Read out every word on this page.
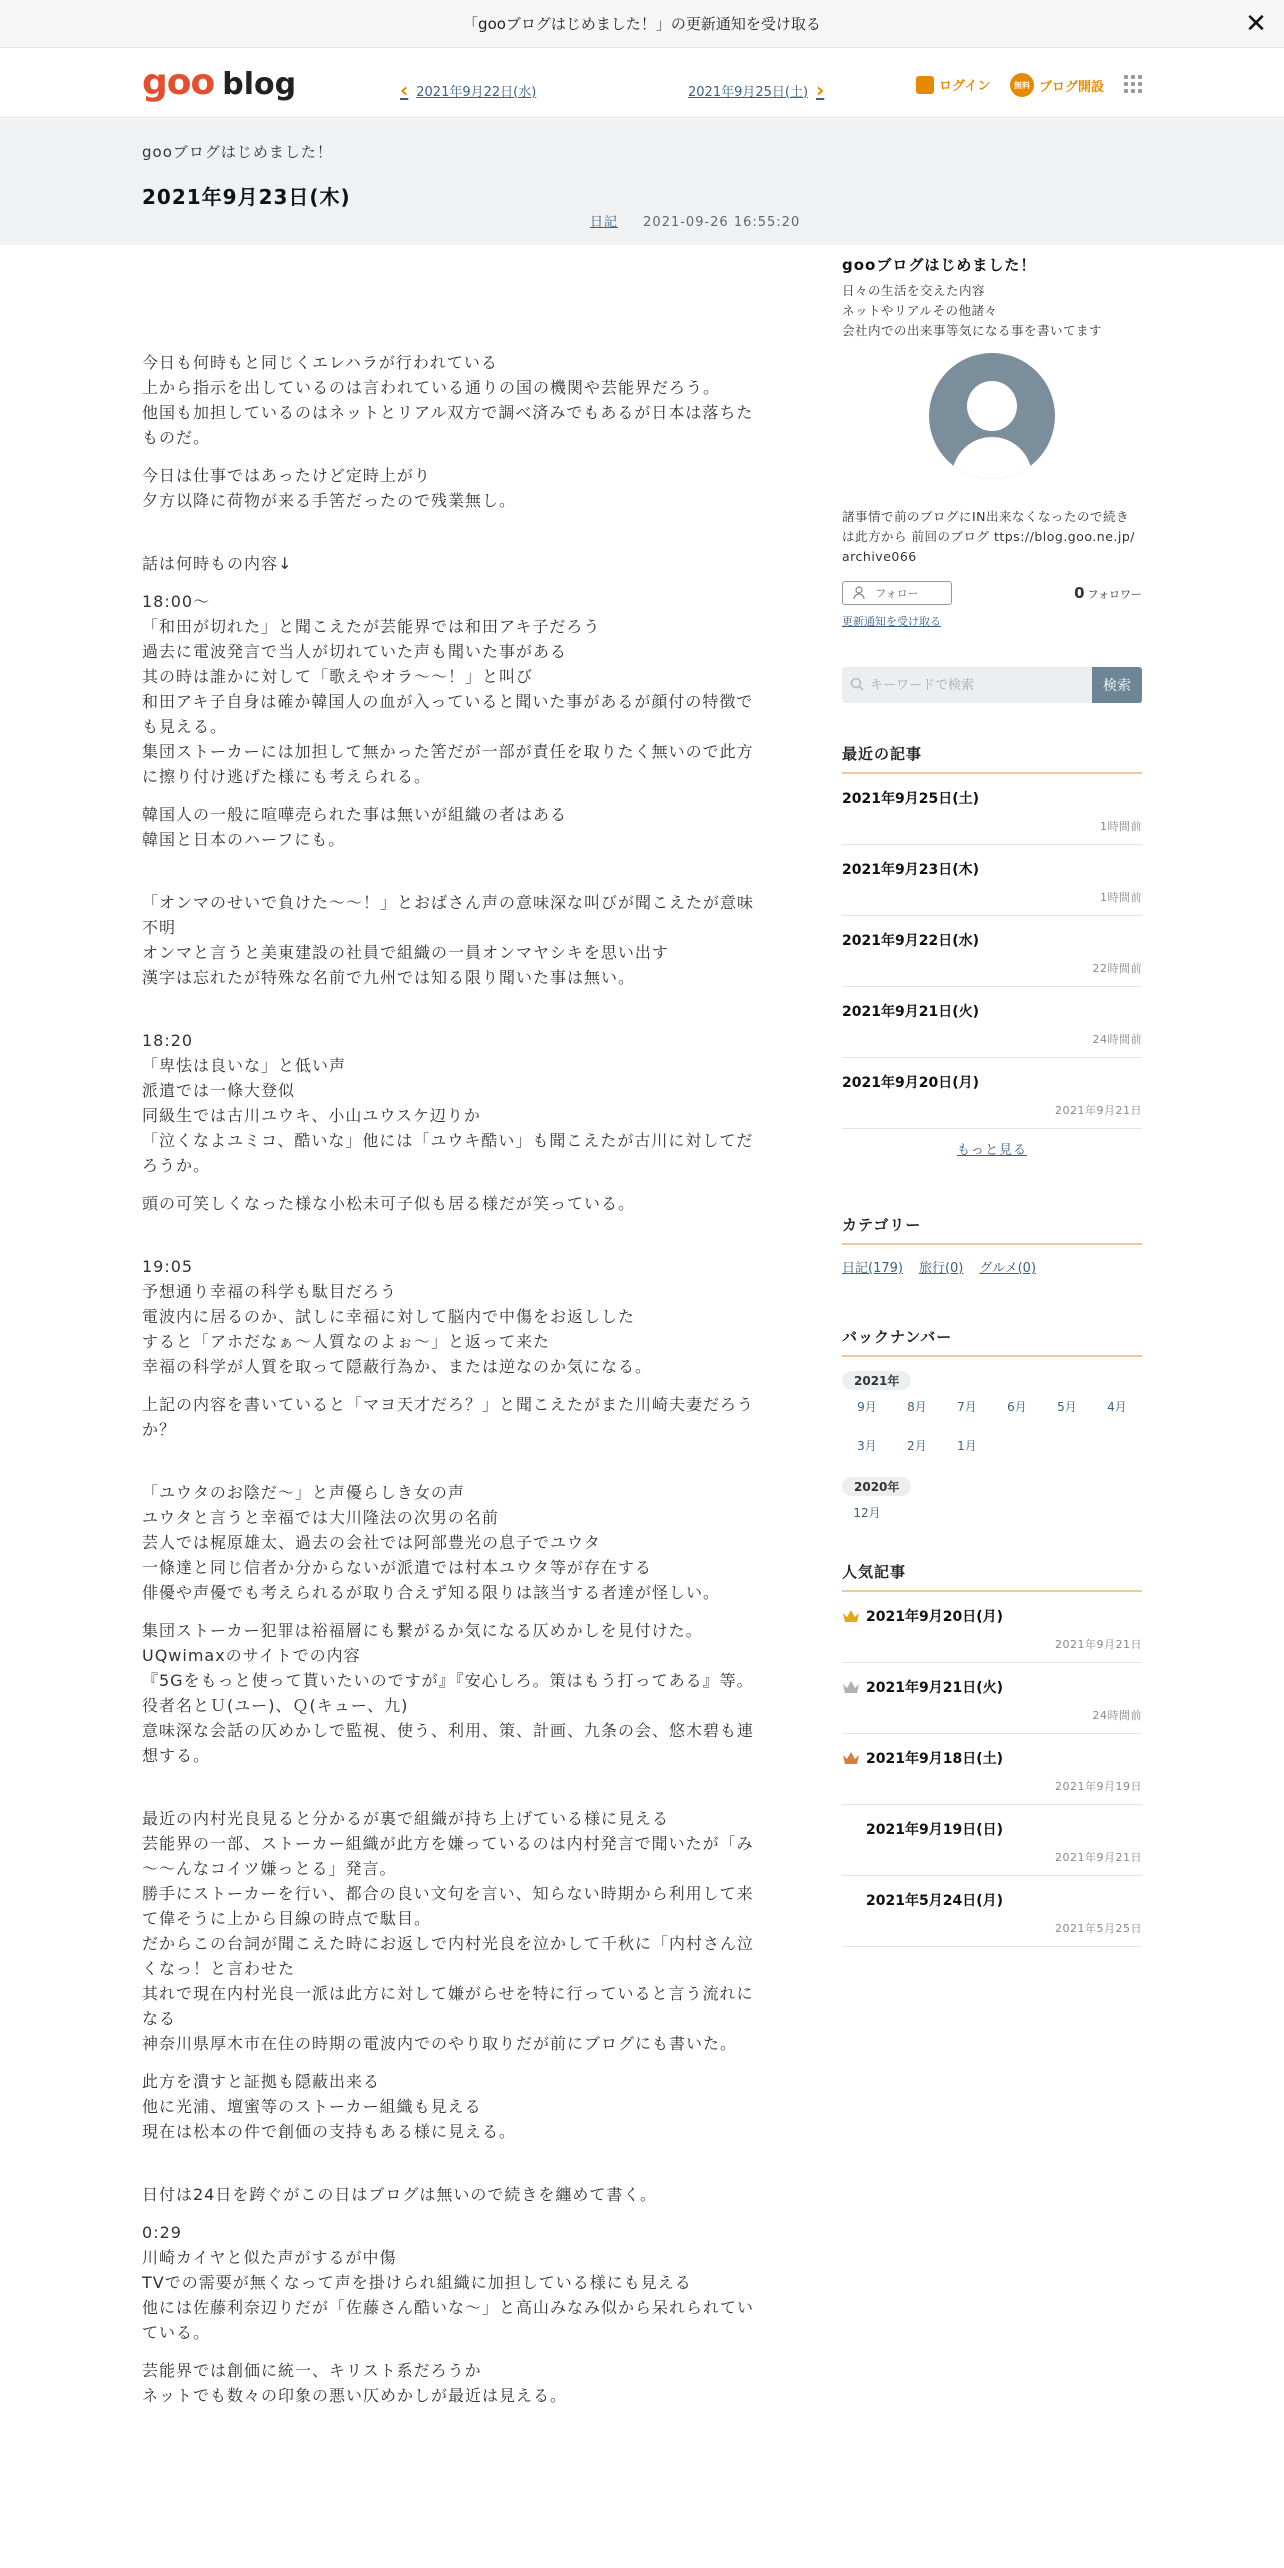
「gooブログはじめました！」の更新通知を受け取る	✕
goo blog	‹ 2021年9月22日(水)	2021年9月25日(土) ›	ログイン	無料 ブログ開設
gooブログはじめました！
2021年9月23日(木)
日記 2021-09-26 16:55:20

今日も何時もと同じくエレハラが行われている
上から指示を出しているのは言われている通りの国の機関や芸能界だろう。
他国も加担しているのはネットとリアル双方で調べ済みでもあるが日本は落ちたものだ。

今日は仕事ではあったけど定時上がり
夕方以降に荷物が来る手筈だったので残業無し。

話は何時もの内容↓

18:00～
「和田が切れた」と聞こえたが芸能界では和田アキ子だろう
過去に電波発言で当人が切れていた声も聞いた事がある
其の時は誰かに対して「歌えやオラ～～！」と叫び
和田アキ子自身は確か韓国人の血が入っていると聞いた事があるが顔付の特徴でも見える。
集団ストーカーには加担して無かった筈だが一部が責任を取りたく無いので此方に擦り付け逃げた様にも考えられる。

韓国人の一般に喧嘩売られた事は無いが組織の者はある
韓国と日本のハーフにも。

「オンマのせいで負けた～～！」とおばさん声の意味深な叫びが聞こえたが意味不明
オンマと言うと美東建設の社員で組織の一員オンマヤシキを思い出す
漢字は忘れたが特殊な名前で九州では知る限り聞いた事は無い。

18:20
「卑怯は良いな」と低い声
派遣では一條大登似
同級生では古川ユウキ、小山ユウスケ辺りか
「泣くなよユミコ、酷いな」他には「ユウキ酷い」も聞こえたが古川に対してだろうか。

頭の可笑しくなった様な小松未可子似も居る様だが笑っている。

19:05
予想通り幸福の科学も駄目だろう
電波内に居るのか、試しに幸福に対して脳内で中傷をお返しした
すると「アホだなぁ～人質なのよぉ～」と返って来た
幸福の科学が人質を取って隠蔽行為か、または逆なのか気になる。

上記の内容を書いていると「マヨ天才だろ？」と聞こえたがまた川崎夫妻だろうか？

「ユウタのお陰だ～」と声優らしき女の声
ユウタと言うと幸福では大川隆法の次男の名前
芸人では梶原雄太、過去の会社では阿部豊光の息子でユウタ
一條達と同じ信者か分からないが派遣では村本ユウタ等が存在する
俳優や声優でも考えられるが取り合えず知る限りは該当する者達が怪しい。

集団ストーカー犯罪は裕福層にも繋がるか気になる仄めかしを見付けた。
UQwimaxのサイトでの内容
『5Gをもっと使って貰いたいのですが』『安心しろ。策はもう打ってある』等。
役者名とＵ(ユー)、Ｑ(キュー、九)
意味深な会話の仄めかしで監視、使う、利用、策、計画、九条の会、悠木碧も連想する。

最近の内村光良見ると分かるが裏で組織が持ち上げている様に見える
芸能界の一部、ストーカー組織が此方を嫌っているのは内村発言で聞いたが「み～～んなコイツ嫌っとる」発言。
勝手にストーカーを行い、都合の良い文句を言い、知らない時期から利用して来て偉そうに上から目線の時点で駄目。
だからこの台詞が聞こえた時にお返しで内村光良を泣かして千秋に「内村さん泣くなっ！と言わせた
其れで現在内村光良一派は此方に対して嫌がらせを特に行っていると言う流れになる
神奈川県厚木市在住の時期の電波内でのやり取りだが前にブログにも書いた。

此方を潰すと証拠も隠蔽出来る
他に光浦、壇蜜等のストーカー組織も見える
現在は松本の件で創価の支持もある様に見える。

日付は24日を跨ぐがこの日はブログは無いので続きを纏めて書く。

0:29
川崎カイヤと似た声がするが中傷
TVでの需要が無くなって声を掛けられ組織に加担している様にも見える
他には佐藤利奈辺りだが「佐藤さん酷いな～」と高山みなみ似から呆れられていている。

芸能界では創価に統一、キリスト系だろうか
ネットでも数々の印象の悪い仄めかしが最近は見える。

gooブログはじめました！
日々の生活を交えた内容
ネットやリアルその他諸々
会社内での出来事等気になる事を書いてます
諸事情で前のブログにIN出来なくなったので続きは此方から 前回のブログ ttps://blog.goo.ne.jp/archive066
フォロー	0 フォロワー
更新通知を受け取る
キーワードで検索
検索
最近の記事
2021年9月25日(土)
1時間前
2021年9月23日(木)
1時間前
2021年9月22日(水)
22時間前
2021年9月21日(火)
24時間前
2021年9月20日(月)
2021年9月21日
もっと見る
カテゴリー
日記(179) 旅行(0) グルメ(0)
バックナンバー
2021年
9月	8月	7月	6月	5月	4月
3月	2月	1月
2020年
12月
人気記事
2021年9月20日(月)
2021年9月21日
2021年9月21日(火)
24時間前
2021年9月18日(土)
2021年9月19日
2021年9月19日(日)
2021年9月21日
2021年5月24日(月)
2021年5月25日
